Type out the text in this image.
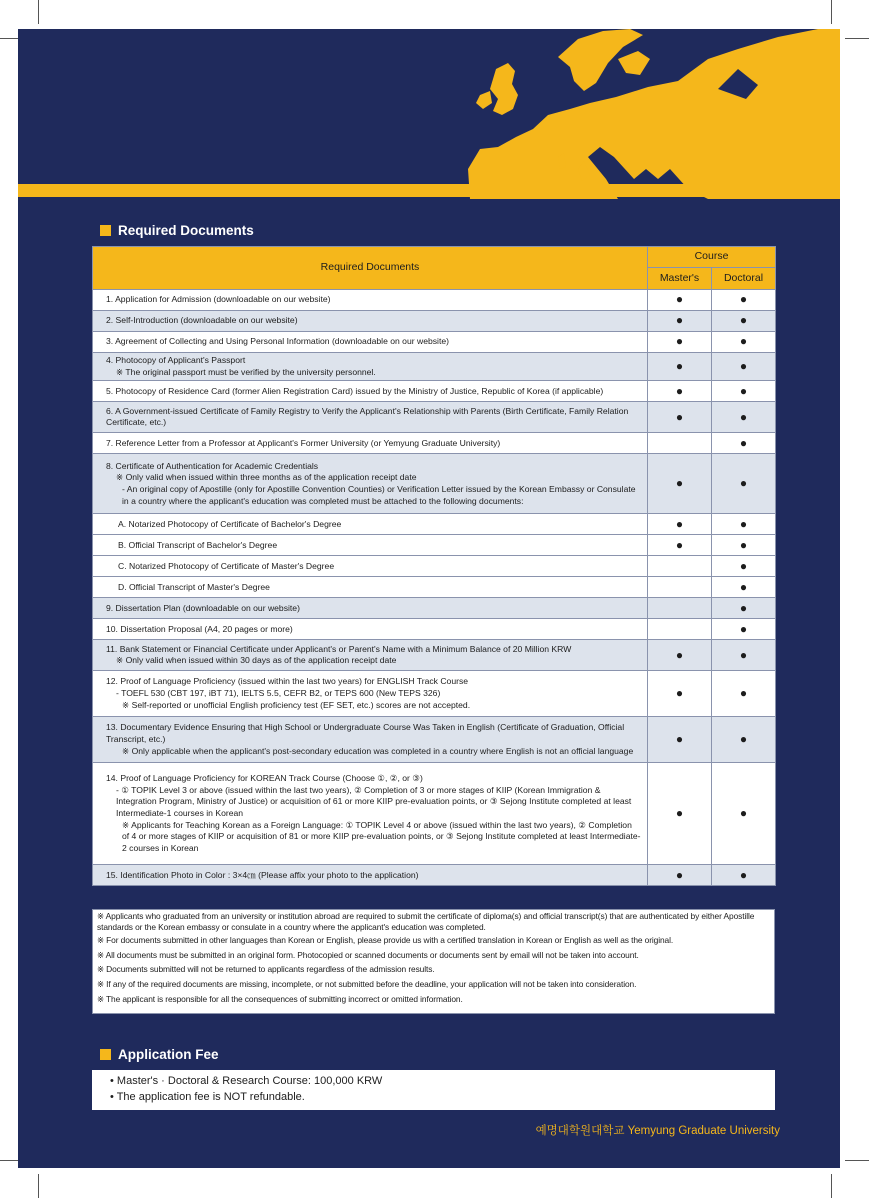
Required Documents
Required Documents	Course	
	Master's	Doctoral
1. Application for Admission (downloadable on our website)	●	●
2. Self-Introduction (downloadable on our website)	●	●
3. Agreement of Collecting and Using Personal Information (downloadable on our website)	●	●
4. Photocopy of Applicant's Passport
※ The original passport must be verified by the university personnel.	●	●
5. Photocopy of Residence Card (former Alien Registration Card) issued by the Ministry of Justice, Republic of Korea (if applicable)	●	●
6. A Government-issued Certificate of Family Registry to Verify the Applicant's Relationship with Parents (Birth Certificate, Family Relation Certificate, etc.)	●	●
7. Reference Letter from a Professor at Applicant's Former University (or Yemyung Graduate University)		●
8. Certificate of Authentication for Academic Credentials
※ Only valid when issued within three months as of the application receipt date
- An original copy of Apostille (only for Apostille Convention Counties) or Verification Letter issued by the Korean Embassy or Consulate in a country where the applicant's education was completed must be attached to the following documents:	●	●

A. Notarized Photocopy of Certificate of Bachelor's Degree	●	●

B. Official Transcript of Bachelor's Degree	●	●

C. Notarized Photocopy of Certificate of Master's Degree		●

D. Official Transcript of Master's Degree		●
9. Dissertation Plan (downloadable on our website)		●
10. Dissertation Proposal (A4, 20 pages or more)		●
11. Bank Statement or Financial Certificate under Applicant's or Parent's Name with a Minimum Balance of 20 Million KRW
※ Only valid when issued within 30 days as of the application receipt date	●	●
12. Proof of Language Proficiency (issued within the last two years) for ENGLISH Track Course
- TOEFL 530 (CBT 197, iBT 71), IELTS 5.5, CEFR B2, or TEPS 600 (New TEPS 326)
※ Self-reported or unofficial English proficiency test (EF SET, etc.) scores are not accepted.	●	●
13. Documentary Evidence Ensuring that High School or Undergraduate Course Was Taken in English (Certificate of Graduation, Official Transcript, etc.)
※ Only applicable when the applicant's post-secondary education was completed in a country where English is not an official language	●	●
14. Proof of Language Proficiency for KOREAN Track Course (Choose ①, ②, or ③)
- ① TOPIK Level 3 or above (issued within the last two years), ② Completion of 3 or more stages of KIIP (Korean Immigration & Integration Program, Ministry of Justice) or acquisition of 61 or more KIIP pre-evaluation points, or ③ Sejong Institute completed at least Intermediate-1 courses in Korean
※ Applicants for Teaching Korean as a Foreign Language: ① TOPIK Level 4 or above (issued within the last two years), ② Completion of 4 or more stages of KIIP or acquisition of 81 or more KIIP pre-evaluation points, or ③ Sejong Institute completed at least Intermediate-2 courses in Korean	●	●
15. Identification Photo in Color : 3×4㎝ (Please affix your photo to the application)	●	●
※ Applicants who graduated from an university or institution abroad are required to submit the certificate of diploma(s) and official transcript(s) that are authenticated by either Apostille standards or the Korean embassy or consulate in a country where the applicant's education was completed.
※ For documents submitted in other languages than Korean or English, please provide us with a certified translation in Korean or English as well as the original.
※ All documents must be submitted in an original form. Photocopied or scanned documents or documents sent by email will not be taken into account.
※ Documents submitted will not be returned to applicants regardless of the admission results.
※ If any of the required documents are missing, incomplete, or not submitted before the deadline, your application will not be taken into consideration.
※ The applicant is responsible for all the consequences of submitting incorrect or omitted information.
Application Fee
• Master's · Doctoral & Research Course: 100,000 KRW
• The application fee is NOT refundable.
예명대학원대학교 Yemyung Graduate University
